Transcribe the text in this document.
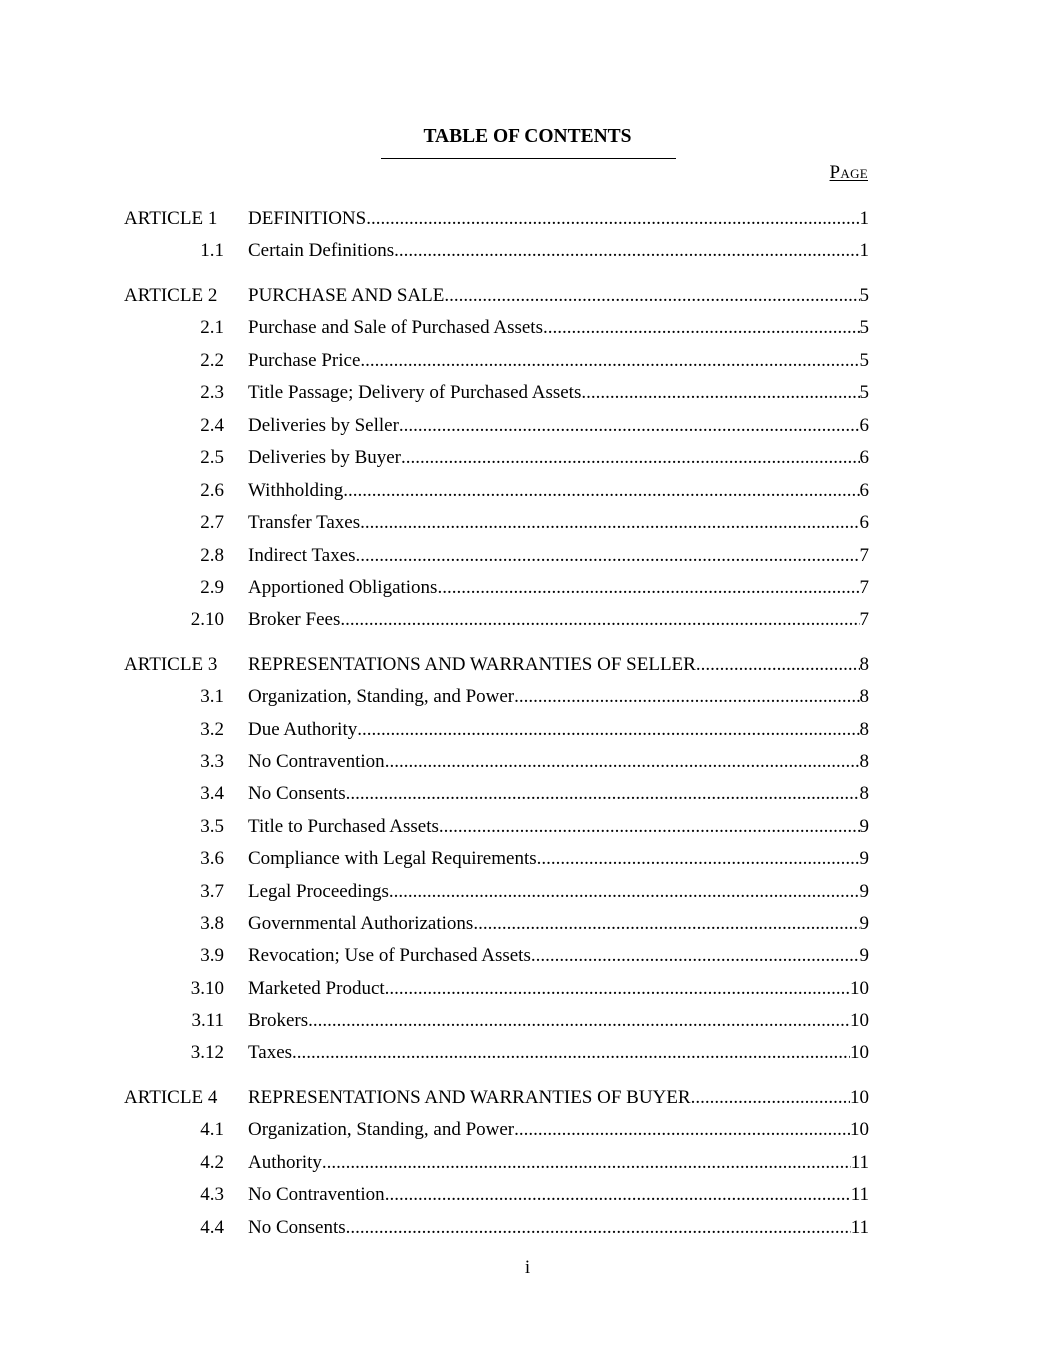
TABLE OF CONTENTS
Page
ARTICLE 1 DEFINITIONS .....	1
1.1 Certain Definitions .....	1
ARTICLE 2 PURCHASE AND SALE .....	5
2.1 Purchase and Sale of Purchased Assets .....	5
2.2 Purchase Price .....	5
2.3 Title Passage; Delivery of Purchased Assets .....	5
2.4 Deliveries by Seller .....	6
2.5 Deliveries by Buyer .....	6
2.6 Withholding .....	6
2.7 Transfer Taxes .....	6
2.8 Indirect Taxes .....	7
2.9 Apportioned Obligations .....	7
2.10 Broker Fees .....	7
ARTICLE 3 REPRESENTATIONS AND WARRANTIES OF SELLER .....	8
3.1 Organization, Standing, and Power .....	8
3.2 Due Authority .....	8
3.3 No Contravention .....	8
3.4 No Consents .....	8
3.5 Title to Purchased Assets .....	9
3.6 Compliance with Legal Requirements .....	9
3.7 Legal Proceedings .....	9
3.8 Governmental Authorizations .....	9
3.9 Revocation; Use of Purchased Assets .....	9
3.10 Marketed Product .....	10
3.11 Brokers .....	10
3.12 Taxes .....	10
ARTICLE 4 REPRESENTATIONS AND WARRANTIES OF BUYER .....	10
4.1 Organization, Standing, and Power .....	10
4.2 Authority .....	11
4.3 No Contravention .....	11
4.4 No Consents .....	11
i
